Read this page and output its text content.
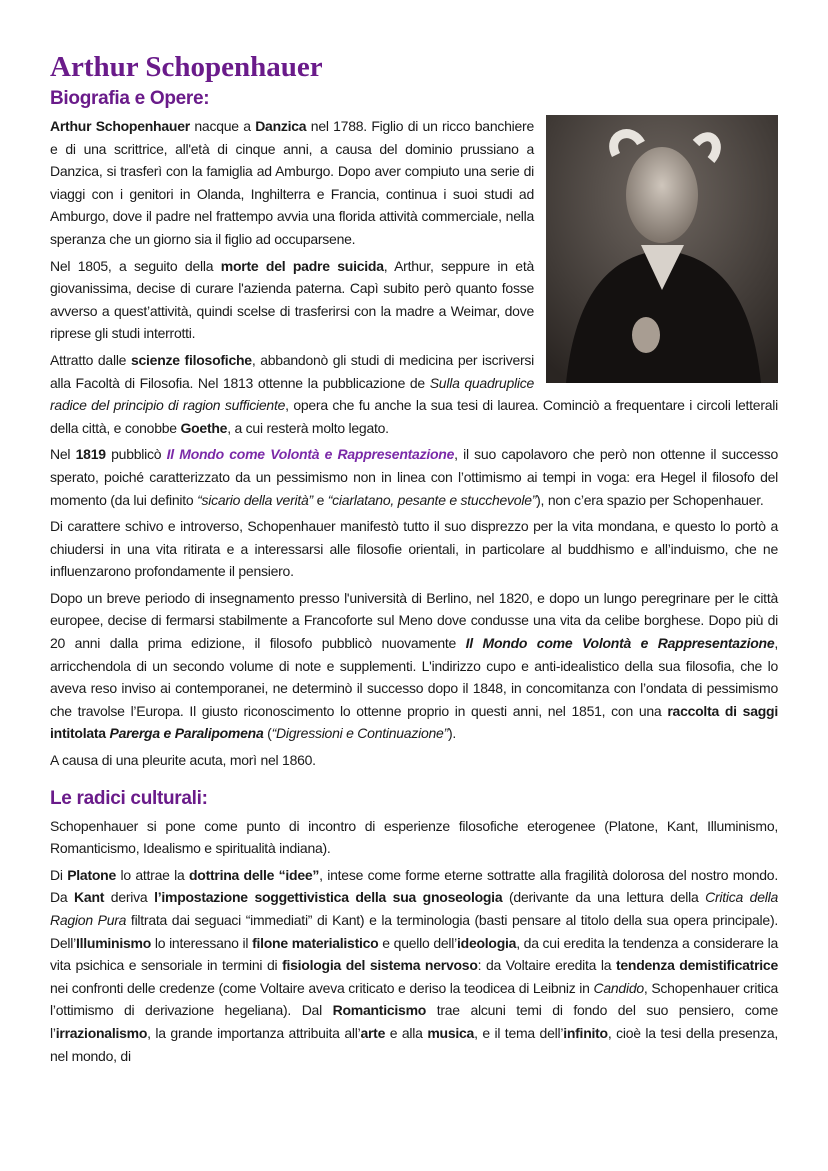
Arthur Schopenhauer
Biografia e Opere:

Arthur Schopenhauer nacque a Danzica nel 1788. Figlio di un ricco banchiere e di una scrittrice, all'età di cinque anni, a causa del dominio prussiano a Danzica, si trasferì con la famiglia ad Amburgo. Dopo aver compiuto una serie di viaggi con i genitori in Olanda, Inghilterra e Francia, continua i suoi studi ad Amburgo, dove il padre nel frattempo avvia una florida attività commerciale, nella speranza che un giorno sia il figlio ad occuparsene.

Nel 1805, a seguito della morte del padre suicida, Arthur, seppure in età giovanissima, decise di curare l'azienda paterna. Capì subito però quanto fosse avverso a quest’attività, quindi scelse di trasferirsi con la madre a Weimar, dove riprese gli studi interrotti.

Attratto dalle scienze filosofiche, abbandonò gli studi di medicina per iscriversi alla Facoltà di Filosofia. Nel 1813 ottenne la pubblicazione de Sulla quadruplice radice del principio di ragion sufficiente, opera che fu anche la sua tesi di laurea. Cominciò a frequentare i circoli letterali della città, e conobbe Goethe, a cui resterà molto legato.

Nel 1819 pubblicò Il Mondo come Volontà e Rappresentazione, il suo capolavoro che però non ottenne il successo sperato, poiché caratterizzato da un pessimismo non in linea con l’ottimismo ai tempi in voga: era Hegel il filosofo del momento (da lui definito “sicario della verità” e “ciarlatano, pesante e stucchevole”), non c’era spazio per Schopenhauer.

Di carattere schivo e introverso, Schopenhauer manifestò tutto il suo disprezzo per la vita mondana, e questo lo portò a chiudersi in una vita ritirata e a interessarsi alle filosofie orientali, in particolare al buddhismo e all’induismo, che ne influenzarono profondamente il pensiero.

Dopo un breve periodo di insegnamento presso l'università di Berlino, nel 1820, e dopo un lungo peregrinare per le città europee, decise di fermarsi stabilmente a Francoforte sul Meno dove condusse una vita da celibe borghese. Dopo più di 20 anni dalla prima edizione, il filosofo pubblicò nuovamente Il Mondo come Volontà e Rappresentazione, arricchendola di un secondo volume di note e supplementi. L'indirizzo cupo e anti-idealistico della sua filosofia, che lo aveva reso inviso ai contemporanei, ne determinò il successo dopo il 1848, in concomitanza con l’ondata di pessimismo che travolse l’Europa. Il giusto riconoscimento lo ottenne proprio in questi anni, nel 1851, con una raccolta di saggi intitolata Parerga e Paralipomena (“Digressioni e Continuazione”).

A causa di una pleurite acuta, morì nel 1860.

Le radici culturali:

Schopenhauer si pone come punto di incontro di esperienze filosofiche eterogenee (Platone, Kant, Illuminismo, Romanticismo, Idealismo e spiritualità indiana).

Di Platone lo attrae la dottrina delle “idee”, intese come forme eterne sottratte alla fragilità dolorosa del nostro mondo. Da Kant deriva l’impostazione soggettivistica della sua gnoseologia (derivante da una lettura della Critica della Ragion Pura filtrata dai seguaci “immediati” di Kant) e la terminologia (basti pensare al titolo della sua opera principale). Dell’Illuminismo lo interessano il filone materialistico e quello dell’ideologia, da cui eredita la tendenza a considerare la vita psichica e sensoriale in termini di fisiologia del sistema nervoso: da Voltaire eredita la tendenza demistificatrice nei confronti delle credenze (come Voltaire aveva criticato e deriso la teodicea di Leibniz in Candido, Schopenhauer critica l’ottimismo di derivazione hegeliana). Dal Romanticismo trae alcuni temi di fondo del suo pensiero, come l’irrazionalismo, la grande importanza attribuita all’arte e alla musica, e il tema dell’infinito, cioè la tesi della presenza, nel mondo, di
